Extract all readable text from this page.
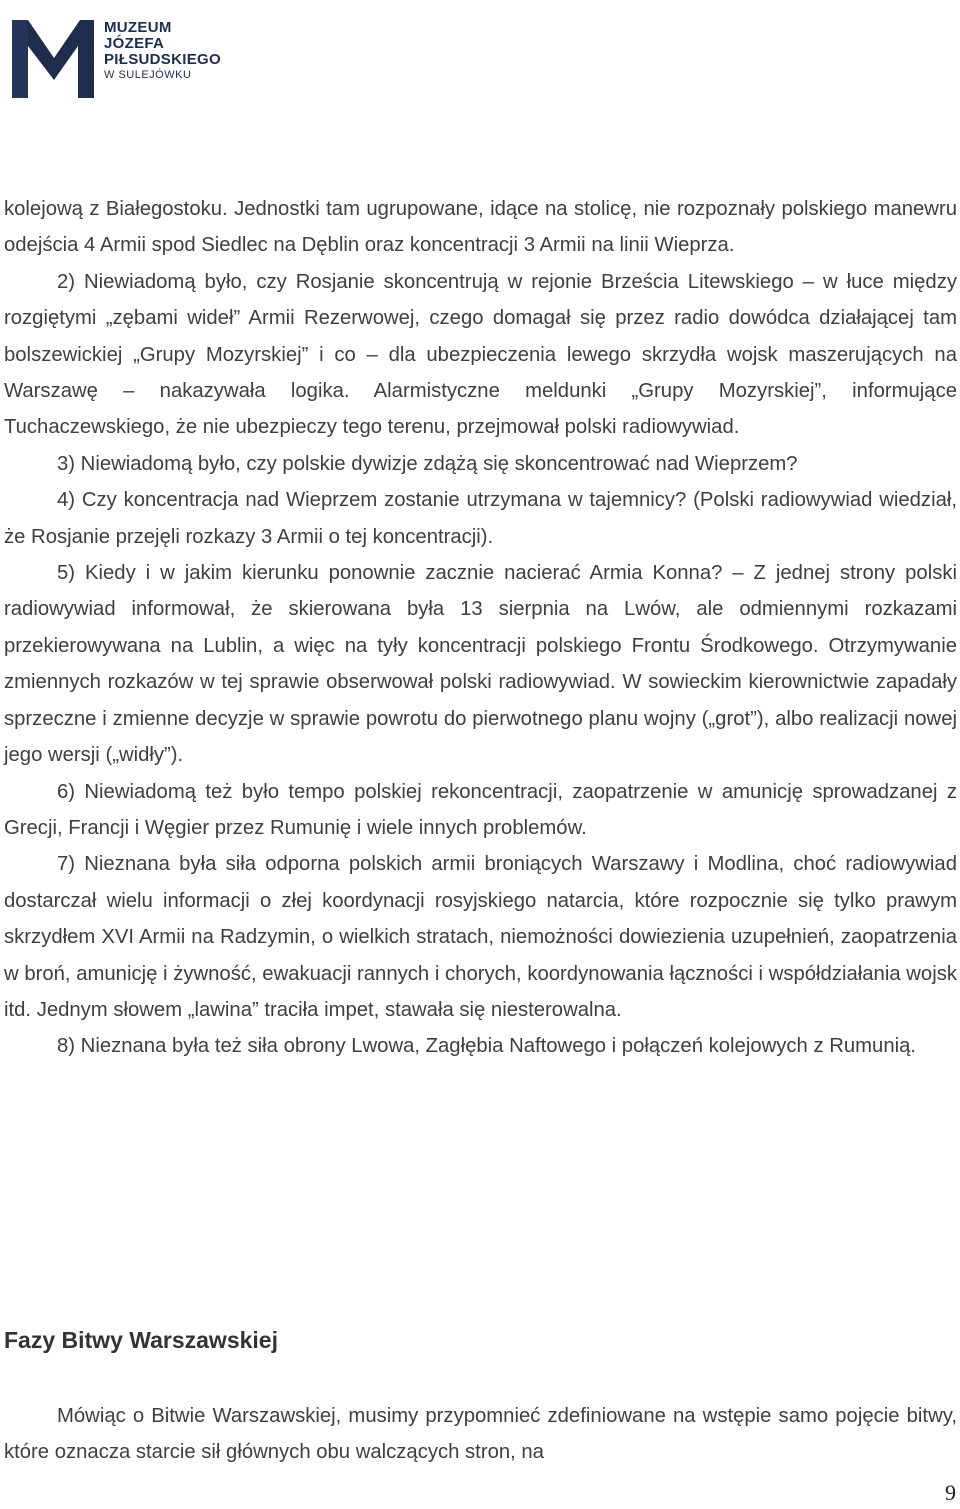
MUZEUM
JÓZEFA
PIŁSUDSKIEGO
W SULEJÓWKU

kolejową z Białegostoku. Jednostki tam ugrupowane, idące na stolicę, nie rozpoznały polskiego manewru odejścia 4 Armii spod Siedlec na Dęblin oraz koncentracji 3 Armii na linii Wieprza.

2) Niewiadomą było, czy Rosjanie skoncentrują w rejonie Brześcia Litewskiego – w łuce między rozgiętymi „zębami wideł” Armii Rezerwowej, czego domagał się przez radio dowódca działającej tam bolszewickiej „Grupy Mozyrskiej” i co – dla ubezpieczenia lewego skrzydła wojsk maszerujących na Warszawę – nakazywała logika. Alarmistyczne meldunki „Grupy Mozyrskiej”, informujące Tuchaczewskiego, że nie ubezpieczy tego terenu, przejmował polski radiowywiad.

3) Niewiadomą było, czy polskie dywizje zdążą się skoncentrować nad Wieprzem?

4) Czy koncentracja nad Wieprzem zostanie utrzymana w tajemnicy? (Polski radiowywiad wiedział, że Rosjanie przejęli rozkazy 3 Armii o tej koncentracji).

5) Kiedy i w jakim kierunku ponownie zacznie nacierać Armia Konna? – Z jednej strony polski radiowywiad informował, że skierowana była 13 sierpnia na Lwów, ale odmiennymi rozkazami przekierowywana na Lublin, a więc na tyły koncentracji polskiego Frontu Środkowego. Otrzymywanie zmiennych rozkazów w tej sprawie obserwował polski radiowywiad. W sowieckim kierownictwie zapadały sprzeczne i zmienne decyzje w sprawie powrotu do pierwotnego planu wojny („grot”), albo realizacji nowej jego wersji („widły”).

6) Niewiadomą też było tempo polskiej rekoncentracji, zaopatrzenie w amunicję sprowadzanej z Grecji, Francji i Węgier przez Rumunię i wiele innych problemów.

7) Nieznana była siła odporna polskich armii broniących Warszawy i Modlina, choć radiowywiad dostarczał wielu informacji o złej koordynacji rosyjskiego natarcia, które rozpocznie się tylko prawym skrzydłem XVI Armii na Radzymin, o wielkich stratach, niemożności dowiezienia uzupełnień, zaopatrzenia w broń, amunicję i żywność, ewakuacji rannych i chorych, koordynowania łączności i współdziałania wojsk itd. Jednym słowem „lawina” traciła impet, stawała się niesterowalna.

8) Nieznana była też siła obrony Lwowa, Zagłębia Naftowego i połączeń kolejowych z Rumunią.

Fazy Bitwy Warszawskiej

Mówiąc o Bitwie Warszawskiej, musimy przypomnieć zdefiniowane na wstępie samo pojęcie bitwy, które oznacza starcie sił głównych obu walczących stron, na

9
